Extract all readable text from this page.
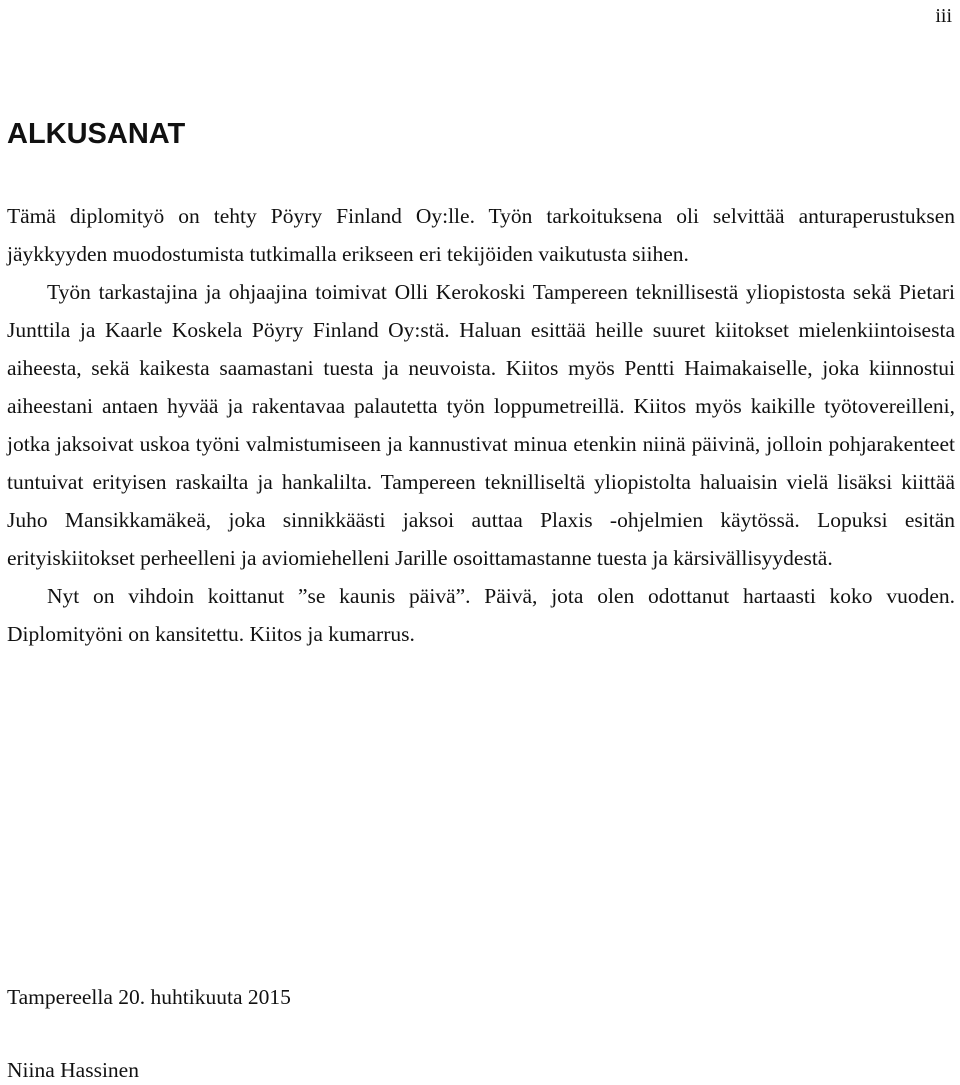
iii
ALKUSANAT

Tämä diplomityö on tehty Pöyry Finland Oy:lle. Työn tarkoituksena oli selvittää anturaperustuksen jäykkyyden muodostumista tutkimalla erikseen eri tekijöiden vaikutusta siihen.

Työn tarkastajina ja ohjaajina toimivat Olli Kerokoski Tampereen teknillisestä yliopistosta sekä Pietari Junttila ja Kaarle Koskela Pöyry Finland Oy:stä. Haluan esittää heille suuret kiitokset mielenkiintoisesta aiheesta, sekä kaikesta saamastani tuesta ja neuvoista. Kiitos myös Pentti Haimakaiselle, joka kiinnostui aiheestani antaen hyvää ja rakentavaa palautetta työn loppumetreillä. Kiitos myös kaikille työtovereilleni, jotka jaksoivat uskoa työni valmistumiseen ja kannustivat minua etenkin niinä päivinä, jolloin pohjarakenteet tuntuivat erityisen raskailta ja hankalilta. Tampereen teknilliseltä yliopistolta haluaisin vielä lisäksi kiittää Juho Mansikkamäkeä, joka sinnikkäästi jaksoi auttaa Plaxis -ohjelmien käytössä. Lopuksi esitän erityiskiitokset perheelleni ja aviomiehelleni Jarille osoittamastanne tuesta ja kärsivällisyydestä.

Nyt on vihdoin koittanut ”se kaunis päivä”. Päivä, jota olen odottanut hartaasti koko vuoden. Diplomityöni on kansitettu. Kiitos ja kumarrus.

Tampereella 20. huhtikuuta 2015
Niina Hassinen
